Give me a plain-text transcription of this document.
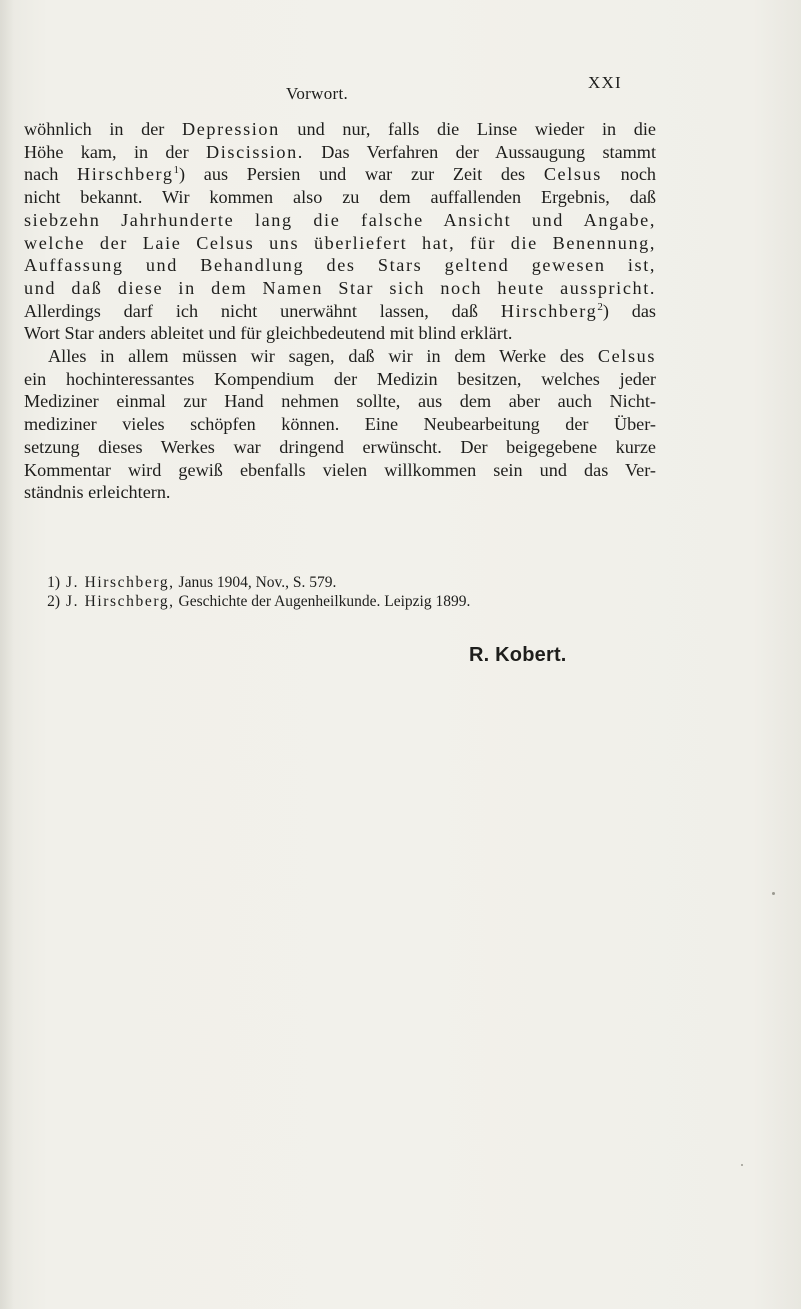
Vorwort.
XXI
wöhnlich in der Depression und nur, falls die Linse wieder in die
Höhe kam, in der Discission. Das Verfahren der Aussaugung stammt
nach Hirschberg$^1$) aus Persien und war zur Zeit des Celsus noch
nicht bekannt. Wir kommen also zu dem auffallenden Ergebnis, daß
siebzehn Jahrhunderte lang die falsche Ansicht und Angabe,
welche der Laie Celsus uns überliefert hat, für die Benennung,
Auffassung und Behandlung des Stars geltend gewesen ist,
und daß diese in dem Namen Star sich noch heute ausspricht.
Allerdings darf ich nicht unerwähnt lassen, daß Hirschberg$^2$) das
Wort Star anders ableitet und für gleichbedeutend mit blind erklärt.
Alles in allem müssen wir sagen, daß wir in dem Werke des Celsus
ein hochinteressantes Kompendium der Medizin besitzen, welches jeder
Mediziner einmal zur Hand nehmen sollte, aus dem aber auch Nicht-
mediziner vieles schöpfen können. Eine Neubearbeitung der Über-
setzung dieses Werkes war dringend erwünscht. Der beigegebene kurze
Kommentar wird gewiß ebenfalls vielen willkommen sein und das Ver-
ständnis erleichtern.
1) J. Hirschberg, Janus 1904, Nov., S. 579.
2) J. Hirschberg, Geschichte der Augenheilkunde. Leipzig 1899.
R. Kobert.
